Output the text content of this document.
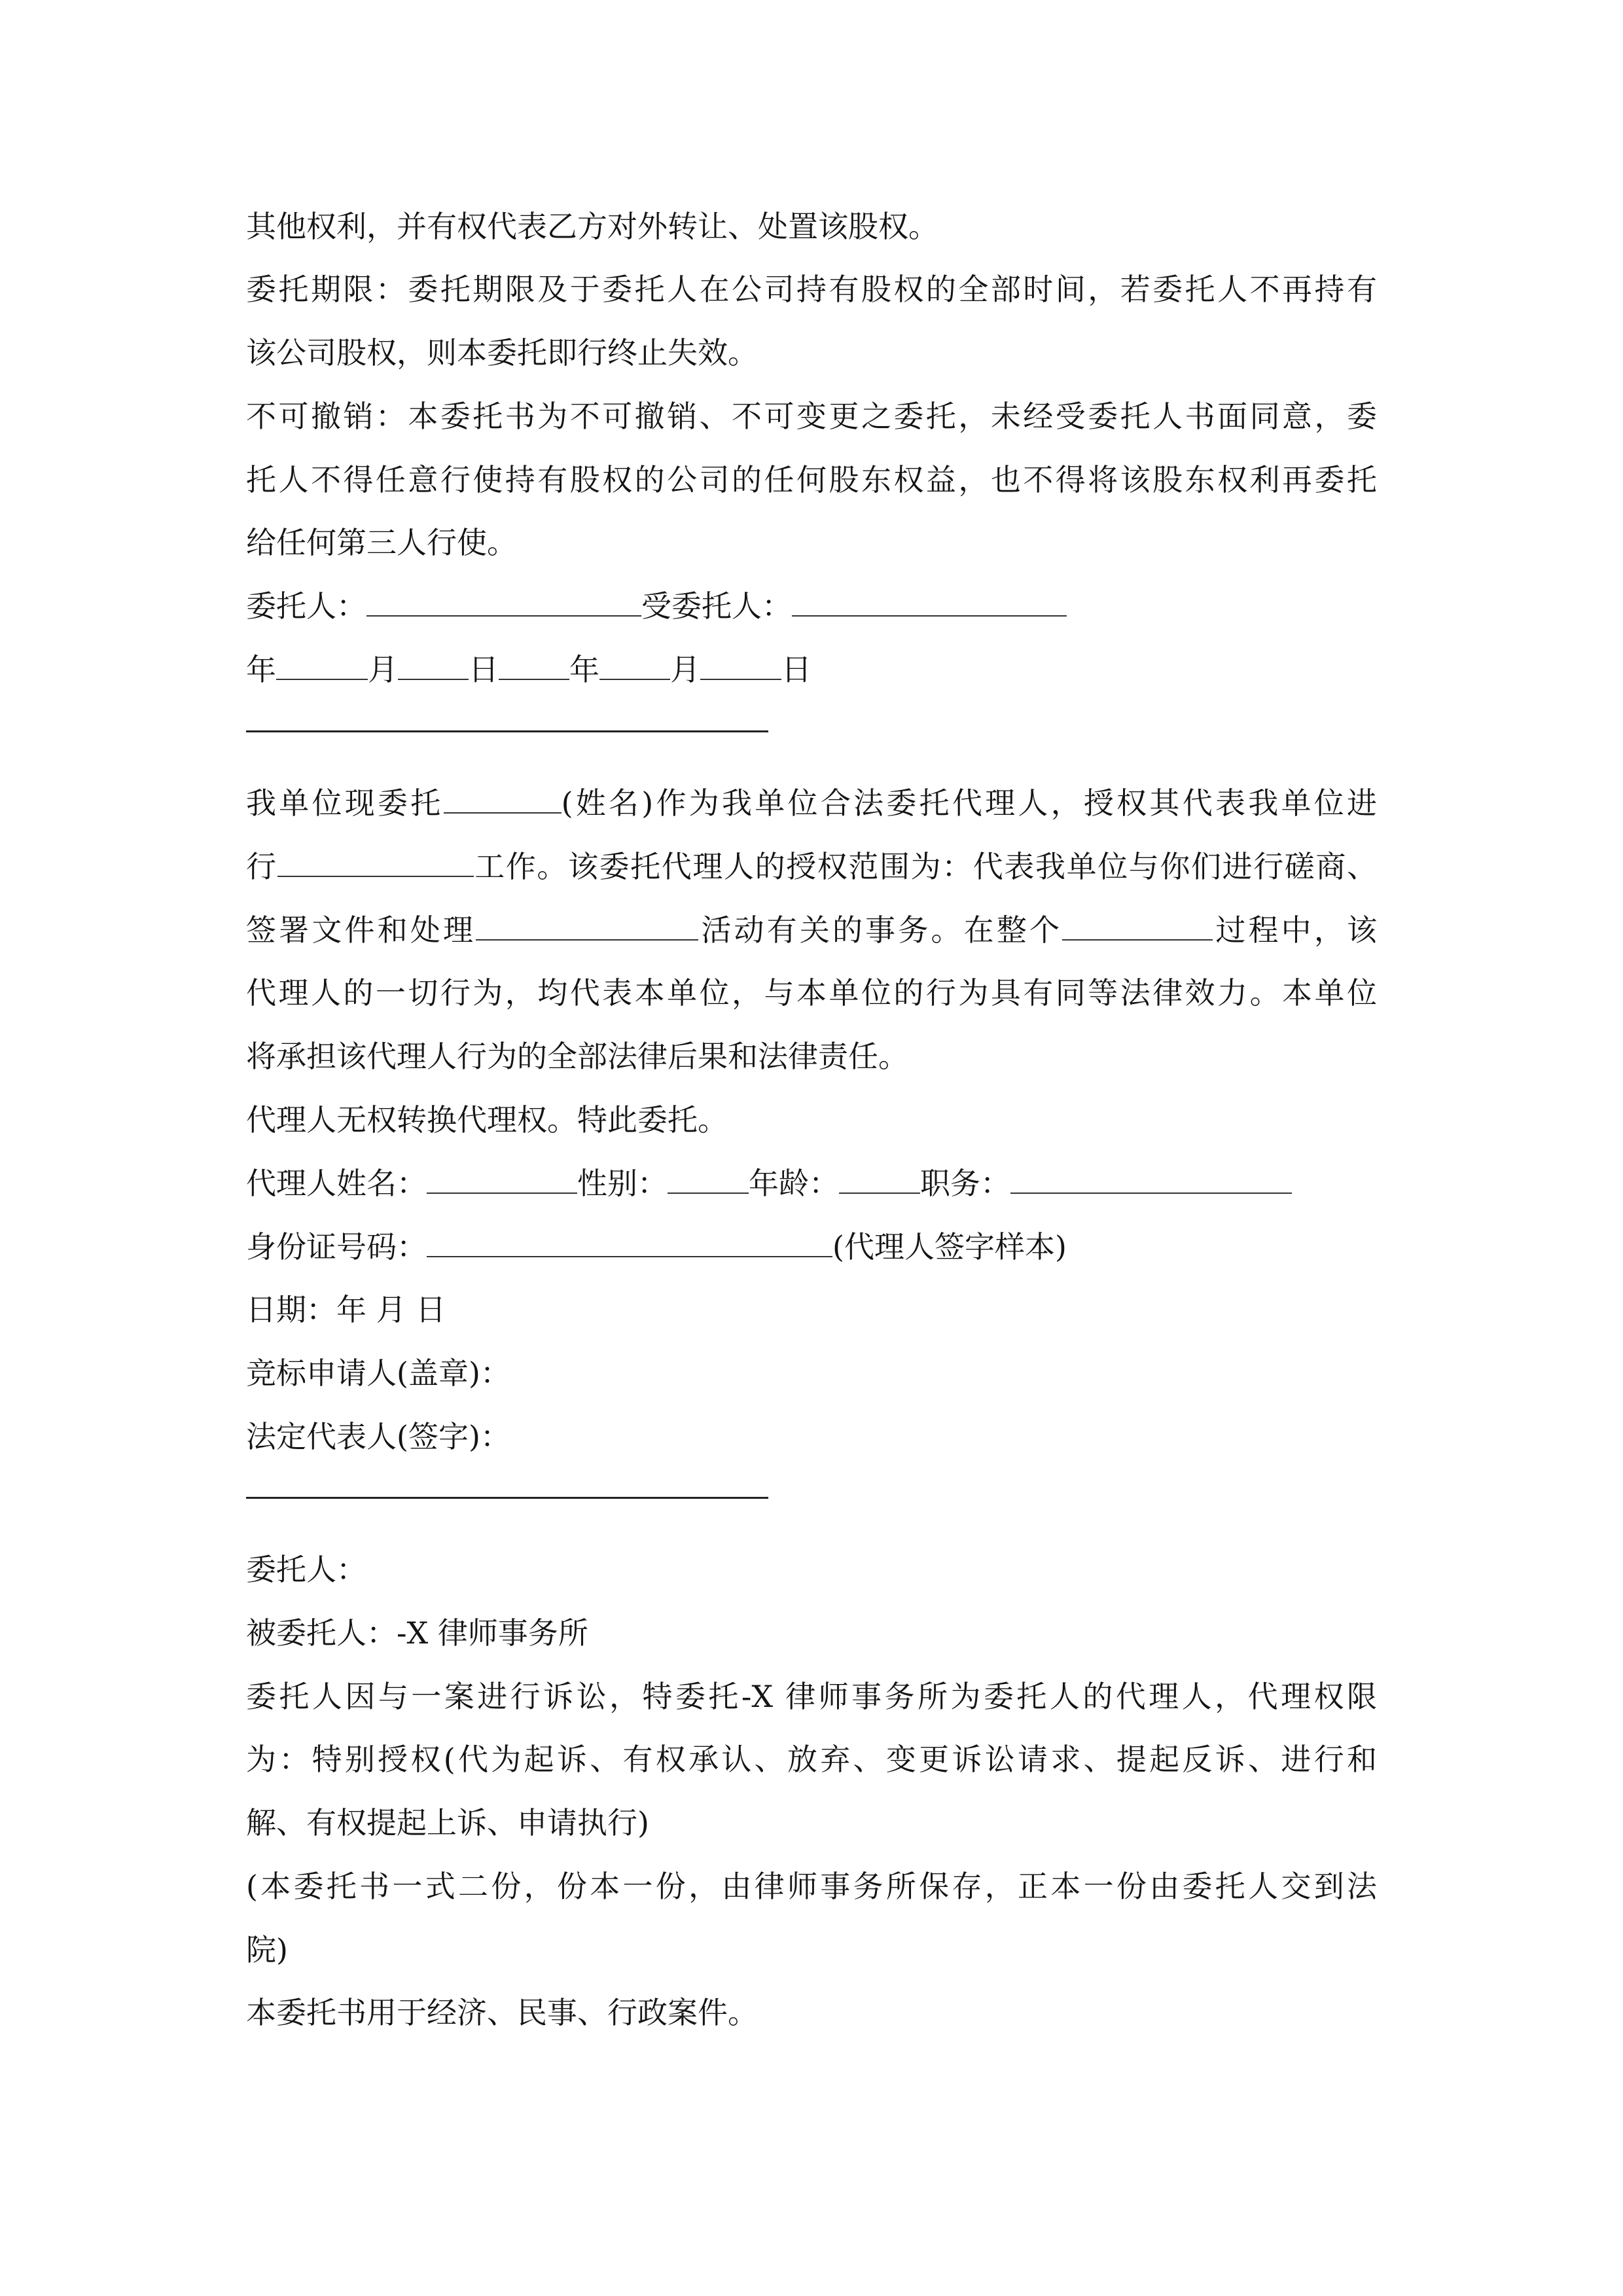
其他权利，并有权代表乙方对外转让、处置该股权。

委托期限：委托期限及于委托人在公司持有股权的全部时间，若委托人不再持有

该公司股权，则本委托即行终止失效。

不可撤销：本委托书为不可撤销、不可变更之委托，未经受委托人书面同意，委

托人不得任意行使持有股权的公司的任何股东权益，也不得将该股东权利再委托

给任何第三人行使。

委托人：	受委托人：

年	月 日 年 月	日

我单位现委托	(姓名)作为我单位合法委托代理人，授权其代表我单位进

行	工作。该委托代理人的授权范围为：代表我单位与你们进行磋商、

签署文件和处理	活动有关的事务。在整个	过程中，该

代理人的一切行为，均代表本单位，与本单位的行为具有同等法律效力。本单位

将承担该代理人行为的全部法律后果和法律责任。

代理人无权转换代理权。特此委托。

代理人姓名：	性别：	年龄：	职务：

身份证号码：	(代理人签字样本)

日期：年 月 日

竞标申请人(盖章)：

法定代表人(签字)：

委托人：

被委托人：-X 律师事务所

委托人因与一案进行诉讼，特委托-X 律师事务所为委托人的代理人，代理权限

为：特别授权(代为起诉、有权承认、放弃、变更诉讼请求、提起反诉、进行和

解、有权提起上诉、申请执行)

(本委托书一式二份，份本一份，由律师事务所保存，正本一份由委托人交到法

院)

本委托书用于经济、民事、行政案件。
